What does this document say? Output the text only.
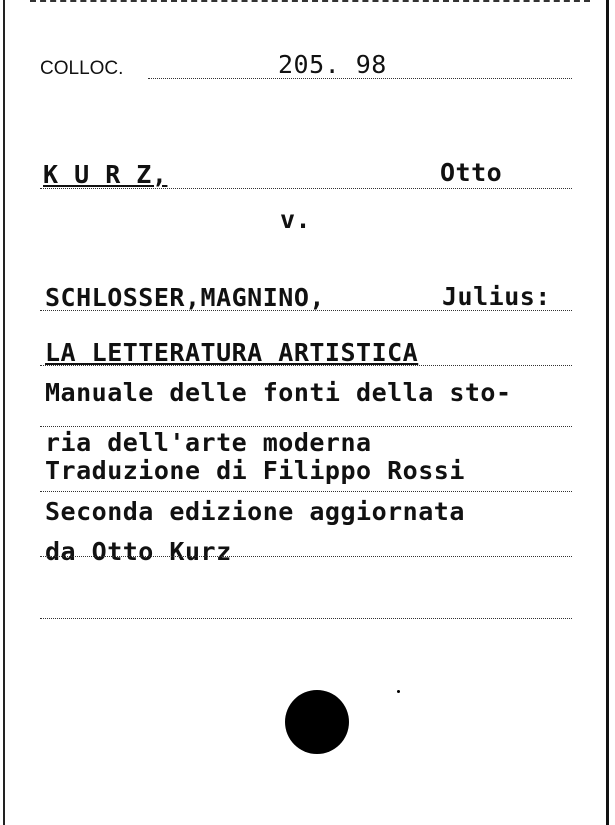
COLLOC.	205. 98
K U R Z,	Otto
v.
SCHLOSSER,MAGNINO,	Julius:
LA LETTERATURA ARTISTICA
Manuale delle fonti della sto-
ria dell'arte moderna
Traduzione di Filippo Rossi
Seconda edizione aggiornata
da Otto Kurz
